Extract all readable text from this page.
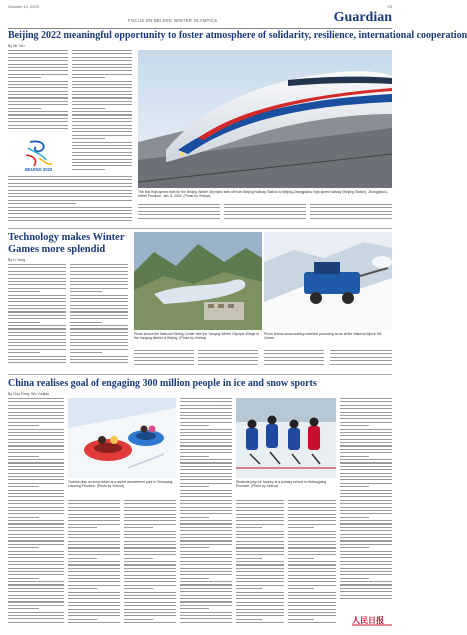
October 10, 2023	03
FOCUS ON BEIJING WINTER OLYMPICS	Guardian
Beijing 2022 meaningful opportunity to foster atmosphere of solidarity, resilience, international cooperation
By Mr. Wu
BEIJING 2022
The first high-speed train for the Beijing Winter Olympics sets off from Beijing Railway Station to Beijing-Zhangjiakou high-speed railway (Beijing Station), Zhangjiakou, Hebei Province, Jan. 6, 2022. (Photo by Xinhua)
Technology makes Winter Games more splendid
By Li Yang
Photo shows the National Sliding Center with the Yanqing Winter Olympic Village in the Yanqing district of Beijing. (Photo by Xinhua)
Photo shows snow-making machine producing snow at the National Alpine Ski Centre.
China realises goal of engaging 300 million people in ice and snow sports
By Guo Feng, Wu Yunjian
Tourists play on snow tubes at a winter amusement park in Shenyang, Liaoning Province. (Photo by Xinhua)
Students play ice hockey at a primary school in Heilongjiang Province. (Photo by Xinhua)
人民日报
